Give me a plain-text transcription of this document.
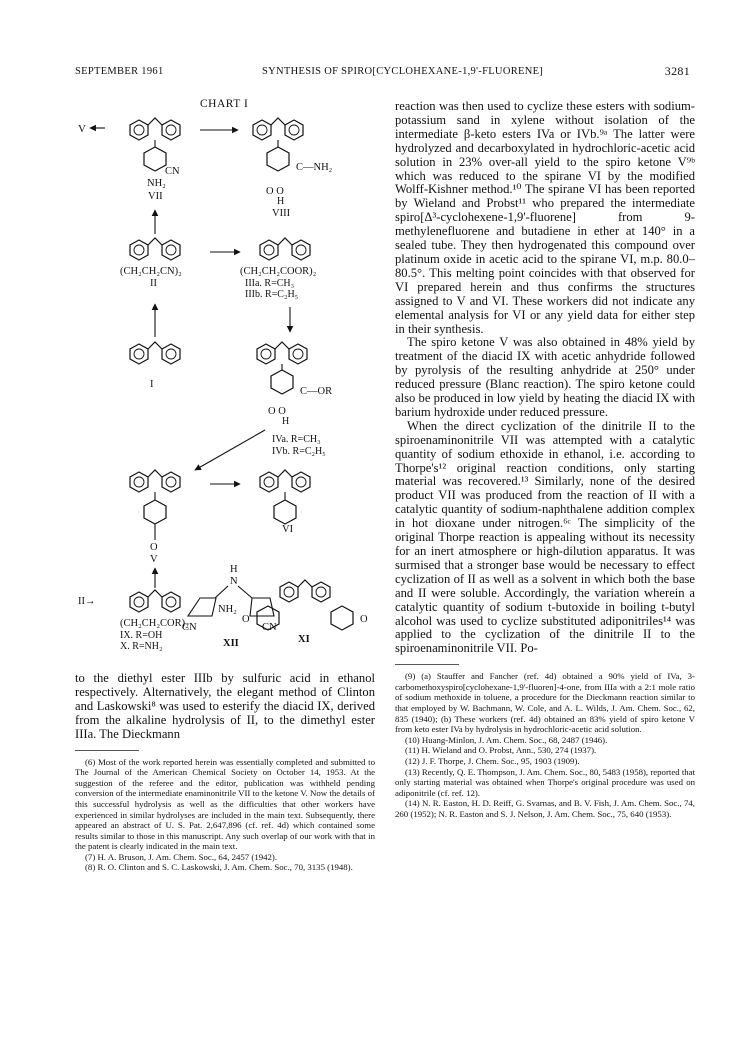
SEPTEMBER 1961	SYNTHESIS OF SPIRO[CYCLOHEXANE-1,9'-FLUORENE]	3281
CHART I
V
CN
NH₂
VII
C—NH₂
O O
H
VIII
(CH₂CH₂CN)₂
II
(CH₂CH₂COOR)₂
IIIa. R=CH₃
IIIb. R=C₂H₅
I
C—OR
O O
H
IVa. R=CH₃
IVb. R=C₂H₅
O
V
VI
II→
(CH₂CH₂COR)₂
IX. R=OH
X. R=NH₂
O	O
XI
H
N
NH₂
CN	CN
XII

to the diethyl ester IIIb by sulfuric acid in ethanol respectively. Alternatively, the elegant method of Clinton and Laskowski⁸ was used to esterify the diacid IX, derived from the alkaline hydrolysis of II, to the dimethyl ester IIIa. The Dieckmann

(6) Most of the work reported herein was essentially completed and submitted to The Journal of the American Chemical Society on October 14, 1953. At the suggestion of the referee and the editor, publication was withheld pending conversion of the intermediate enaminonitrile VII to the ketone V. Now the details of this successful hydrolysis as well as the difficulties that other workers have experienced in similar hydrolyses are included in the main text. Subsequently, there appeared an abstract of U. S. Pat. 2,647,896 (cf. ref. 4d) which contained some results similar to those in this manuscript. Any such overlap of our work with that in the patent is clearly indicated in the main text.

(7) H. A. Bruson, J. Am. Chem. Soc., 64, 2457 (1942).

(8) R. O. Clinton and S. C. Laskowski, J. Am. Chem. Soc., 70, 3135 (1948).

reaction was then used to cyclize these esters with sodium-potassium sand in xylene without isolation of the intermediate β-keto esters IVa or IVb.⁹ᵃ The latter were hydrolyzed and decarboxylated in hydrochloric-acetic acid solution in 23% over-all yield to the spiro ketone V⁹ᵇ which was reduced to the spirane VI by the modified Wolff-Kishner method.¹⁰ The spirane VI has been reported by Wieland and Probst¹¹ who prepared the intermediate spiro[Δ³-cyclohexene-1,9'-fluorene] from 9-methylenefluorene and butadiene in ether at 140° in a sealed tube. They then hydrogenated this compound over platinum oxide in acetic acid to the spirane VI, m.p. 80.0–80.5°. This melting point coincides with that observed for VI prepared herein and thus confirms the structures assigned to V and VI. These workers did not indicate any elemental analysis for VI or any yield data for either step in their synthesis.

The spiro ketone V was also obtained in 48% yield by treatment of the diacid IX with acetic anhydride followed by pyrolysis of the resulting anhydride at 250° under reduced pressure (Blanc reaction). The spiro ketone could also be produced in low yield by heating the diacid IX with barium hydroxide under reduced pressure.

When the direct cyclization of the dinitrile II to the spiroenaminonitrile VII was attempted with a catalytic quantity of sodium ethoxide in ethanol, i.e. according to Thorpe's¹² original reaction conditions, only starting material was recovered.¹³ Similarly, none of the desired product VII was produced from the reaction of II with a catalytic quantity of sodium-naphthalene addition complex in hot dioxane under nitrogen.⁶ᶜ The simplicity of the original Thorpe reaction is appealing without its necessity for an inert atmosphere or high-dilution apparatus. It was surmised that a stronger base would be necessary to effect cyclization of II as well as a solvent in which both the base and II were soluble. Accordingly, the variation wherein a catalytic quantity of sodium t-butoxide in boiling t-butyl alcohol was used to cyclize substituted adiponitriles¹⁴ was applied to the cyclization of the dinitrile II to the spiroenaminonitrile VII. Po-

(9) (a) Stauffer and Fancher (ref. 4d) obtained a 90% yield of IVa, 3-carbomethoxyspiro[cyclohexane-1,9'-fluoren]-4-one, from IIIa with a 2:1 mole ratio of sodium methoxide in toluene, a procedure for the Dieckmann reaction similar to that employed by W. Bachmann, W. Cole, and A. L. Wilds, J. Am. Chem. Soc., 62, 835 (1940); (b) These workers (ref. 4d) obtained an 83% yield of spiro ketone V from keto ester IVa by hydrolysis in hydrochloric-acetic acid solution.

(10) Huang-Minlon, J. Am. Chem. Soc., 68, 2487 (1946).

(11) H. Wieland and O. Probst, Ann., 530, 274 (1937).

(12) J. F. Thorpe, J. Chem. Soc., 95, 1903 (1909).

(13) Recently, Q. E. Thompson, J. Am. Chem. Soc., 80, 5483 (1958), reported that only starting material was obtained when Thorpe's original procedure was used on adiponitrile (cf. ref. 12).

(14) N. R. Easton, H. D. Reiff, G. Svarnas, and B. V. Fish, J. Am. Chem. Soc., 74, 260 (1952); N. R. Easton and S. J. Nelson, J. Am. Chem. Soc., 75, 640 (1953).
